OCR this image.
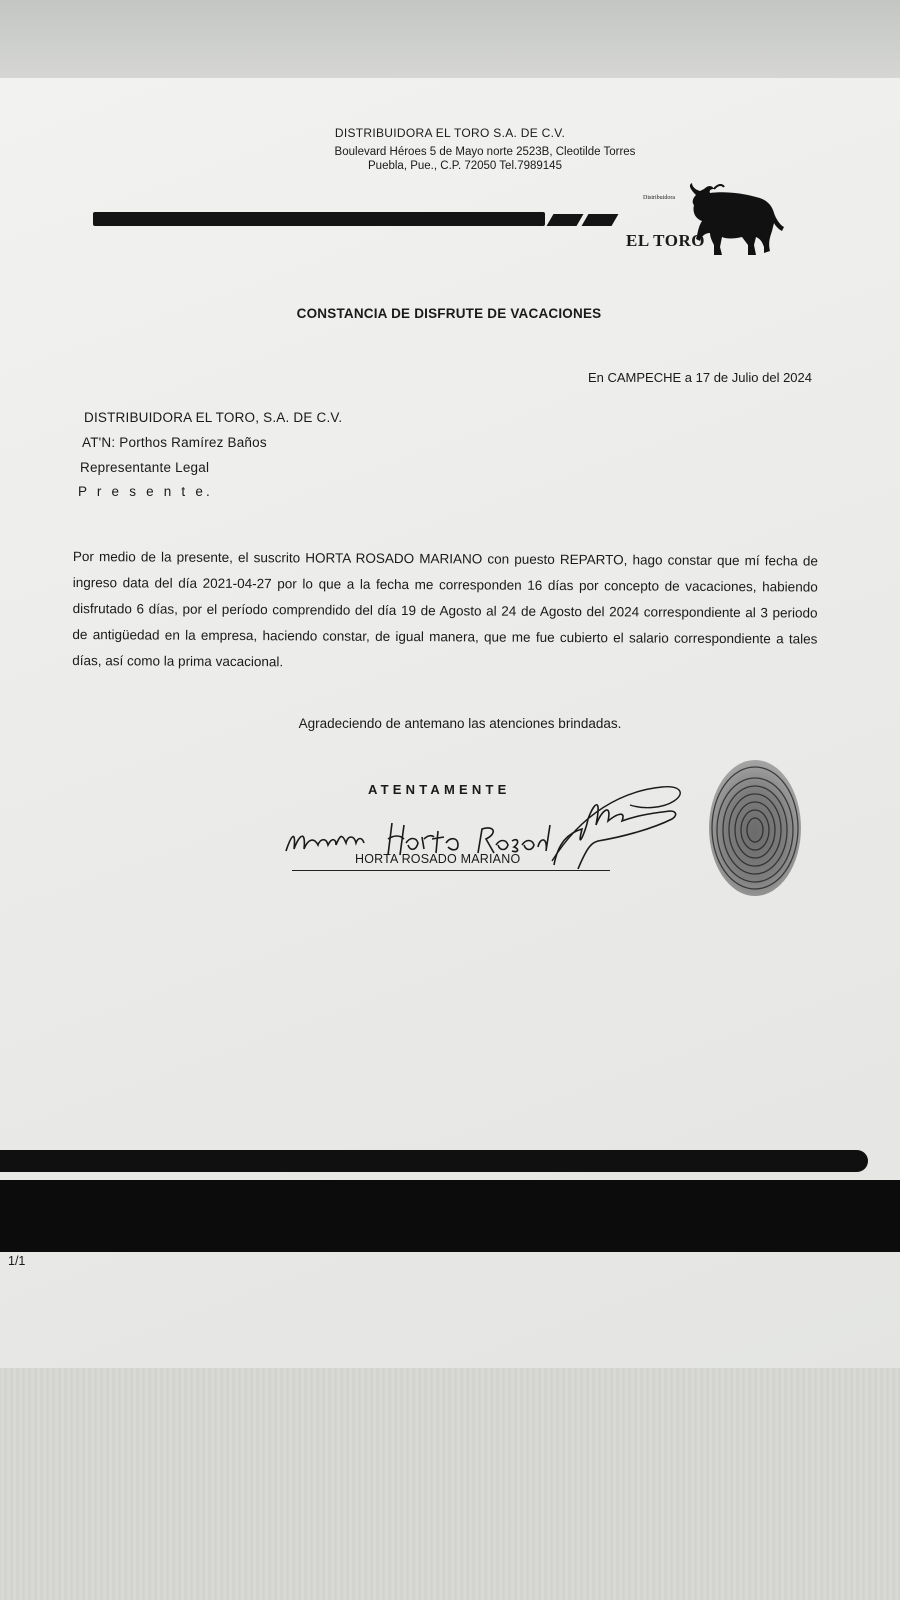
DISTRIBUIDORA EL TORO S.A. DE C.V.
Boulevard Héroes 5 de Mayo norte 2523B, Cleotilde Torres
Puebla, Pue., C.P. 72050 Tel.7989145
Distribuidora
EL TORO
CONSTANCIA DE DISFRUTE DE VACACIONES
En CAMPECHE a 17 de Julio del 2024
DISTRIBUIDORA EL TORO, S.A. DE C.V.
AT'N: Porthos Ramírez Baños
Representante Legal
P r e s e n t e.

Por medio de la presente, el suscrito HORTA ROSADO MARIANO con puesto REPARTO, hago constar que mí fecha de ingreso data del día 2021-04-27 por lo que a la fecha me corresponden 16 días por concepto de vacaciones, habiendo disfrutado 6 días, por el período comprendido del día 19 de Agosto al 24 de Agosto del 2024 correspondiente al 3 periodo de antigüedad en la empresa, haciendo constar, de igual manera, que me fue cubierto el salario correspondiente a tales días, así como la prima vacacional.

Agradeciendo de antemano las atenciones brindadas.
ATENTAMENTE
HORTA ROSADO MARIANO
1/1
